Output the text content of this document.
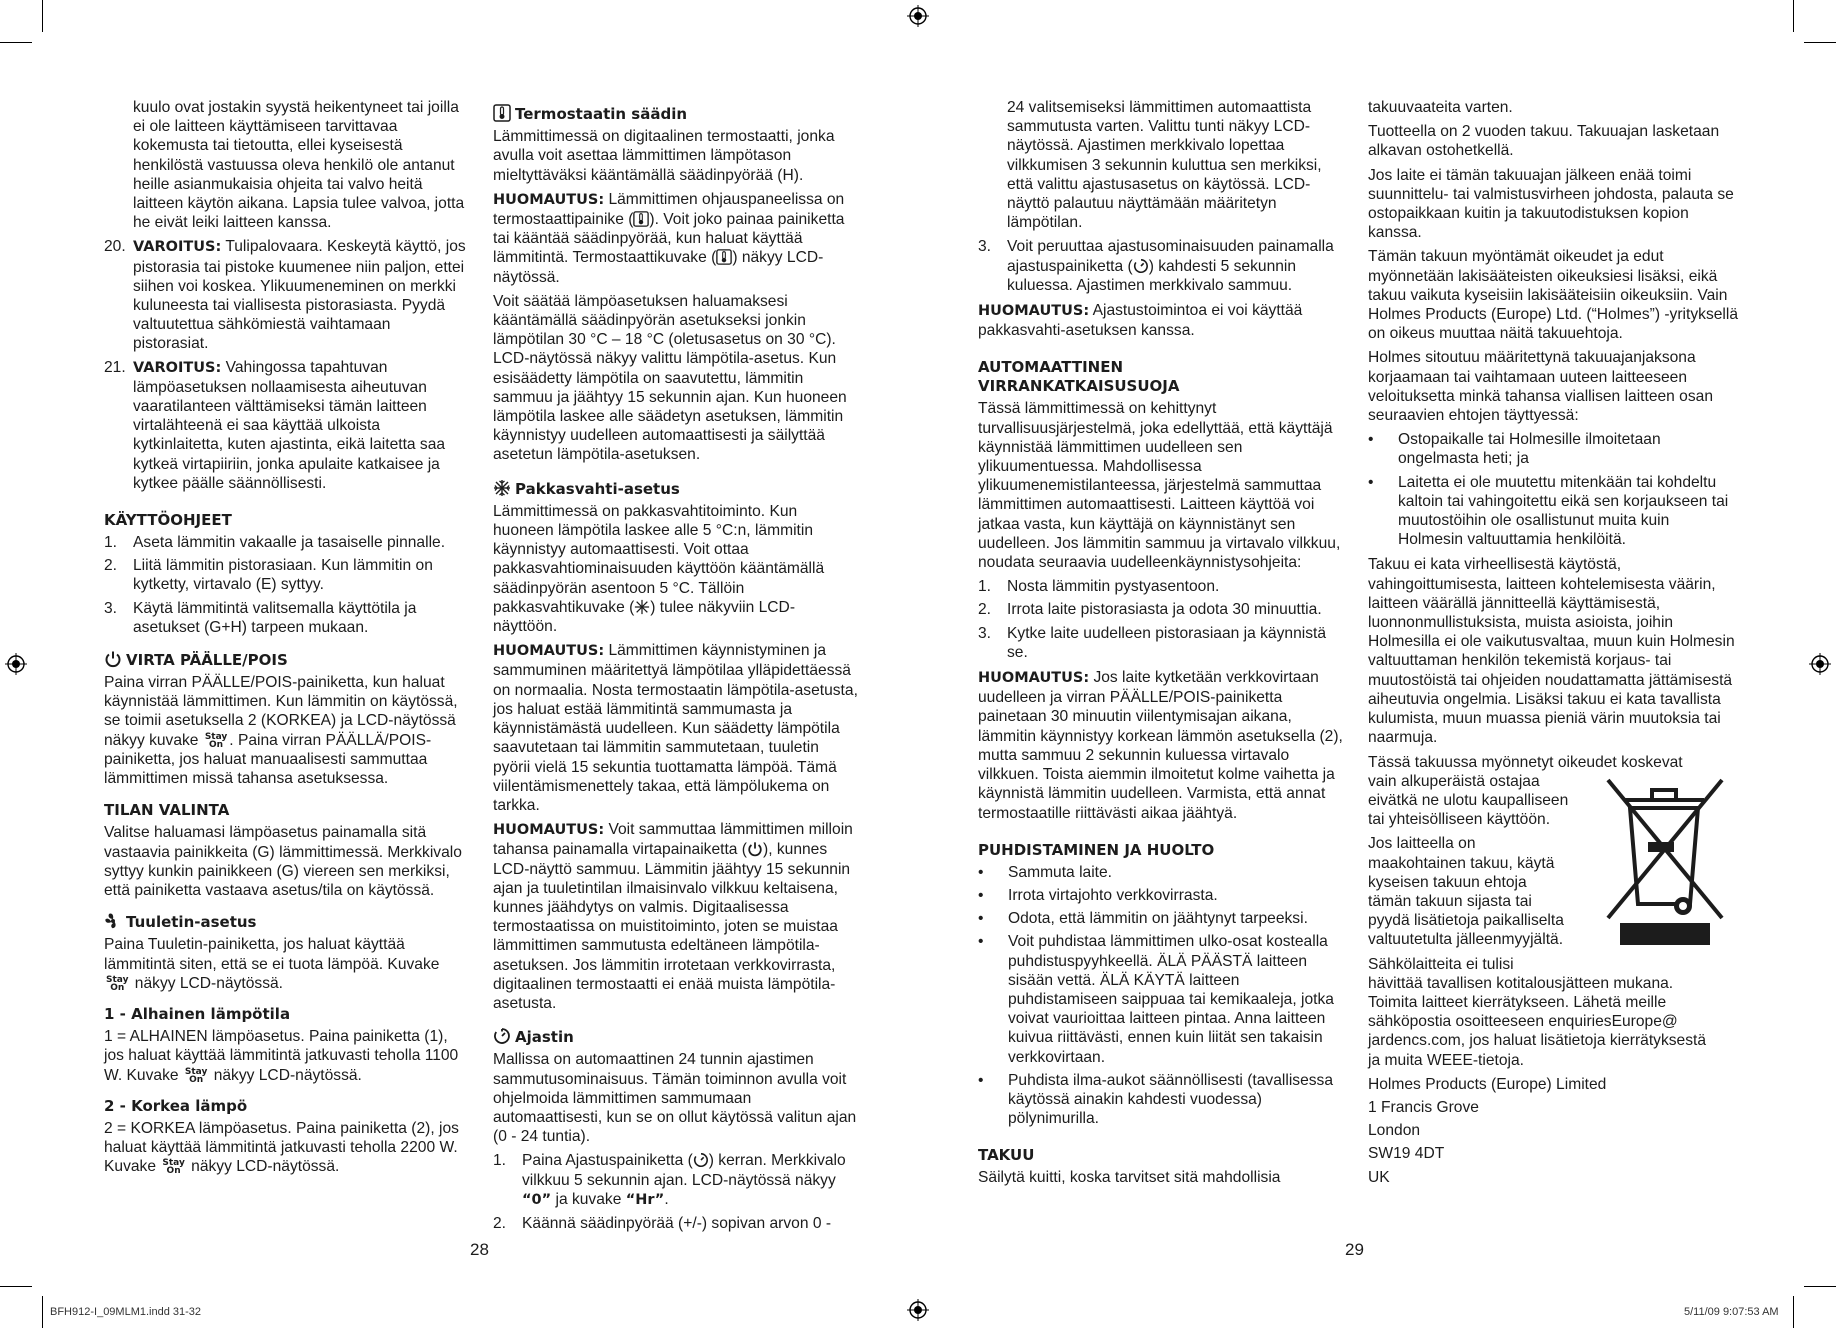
kuulo ovat jostakin syystä heikentyneet tai joilla ei ole laitteen käyttämiseen tarvittavaa kokemusta tai tietoutta, ellei kyseisestä henkilöstä vastuussa oleva henkilö ole antanut heille asianmukaisia ohjeita tai valvo heitä laitteen käytön aikana. Lapsia tulee valvoa, jotta he eivät leiki laitteen kanssa.
20. VAROITUS: Tulipalovaara. Keskeytä käyttö, jos pistorasia tai pistoke kuumenee niin paljon, ettei siihen voi koskea. Ylikuumeneminen on merkki kuluneesta tai viallisesta pistorasiasta. Pyydä valtuutettua sähkömiestä vaihtamaan pistorasiat.
21. VAROITUS: Vahingossa tapahtuvan lämpöasetuksen nollaamisesta aiheutuvan vaaratilanteen välttämiseksi tämän laitteen virtalähteenä ei saa käyttää ulkoista kytkinlaitetta, kuten ajastinta, eikä laitetta saa kytkeä virtapiiriin, jonka apulaite katkaisee ja kytkee päälle säännöllisesti.
KÄYTTÖOHJEET
1.	Aseta lämmitin vakaalle ja tasaiselle pinnalle.
2.	Liitä lämmitin pistorasiaan. Kun lämmitin on kytketty, virtavalo (E) syttyy.
3.	Käytä lämmitintä valitsemalla käyttötila ja asetukset (G+H) tarpeen mukaan.
VIRTA PÄÄLLE/POIS

Paina virran PÄÄLLE/POIS-painiketta, kun haluat käynnistää lämmittimen. Kun lämmitin on käytössä, se toimii asetuksella 2 (KORKEA) ja LCD-näytössä näkyy kuvake Stay
On . Paina virran PÄÄLLÄ/POIS-painiketta, jos haluat manuaalisesti sammuttaa lämmittimen missä tahansa asetuksessa.

TILAN VALINTA

Valitse haluamasi lämpöasetus painamalla sitä vastaavia painikkeita (G) lämmittimessä. Merkkivalo syttyy kunkin painikkeen (G) viereen sen merkiksi, että painiketta vastaava asetus/tila on käytössä.

Tuuletin-asetus

Paina Tuuletin-painiketta, jos haluat käyttää lämmitintä siten, että se ei tuota lämpöä. Kuvake
Stay
On näkyy LCD-näytössä.

1 - Alhainen lämpötila

1 = ALHAINEN lämpöasetus. Paina painiketta (1), jos haluat käyttää lämmitintä jatkuvasti teholla 1100 W. Kuvake Stay
On näkyy LCD-näytössä.

2 - Korkea lämpö

2 = KORKEA lämpöasetus. Paina painiketta (2), jos haluat käyttää lämmitintä jatkuvasti teholla 2200 W. Kuvake Stay
On näkyy LCD-näytössä.

Termostaatin säädin

Lämmittimessä on digitaalinen termostaatti, jonka avulla voit asettaa lämmittimen lämpötason mieltyttäväksi kääntämällä säädinpyörää (H).

HUOMAUTUS: Lämmittimen ohjauspaneelissa on termostaattipainike ( ). Voit joko painaa painiketta tai kääntää säädinpyörää, kun haluat käyttää lämmitintä. Termostaattikuvake ( ) näkyy LCD-näytössä.

Voit säätää lämpöasetuksen haluamaksesi kääntämällä säädinpyörän asetukseksi jonkin lämpötilan 30 °C – 18 °C (oletusasetus on 30 °C). LCD-näytössä näkyy valittu lämpötila-asetus. Kun esisäädetty lämpötila on saavutettu, lämmitin sammuu ja jäähtyy 15 sekunnin ajan. Kun huoneen lämpötila laskee alle säädetyn asetuksen, lämmitin käynnistyy uudelleen automaattisesti ja säilyttää asetetun lämpötila-asetuksen.

Pakkasvahti-asetus

Lämmittimessä on pakkasvahtitoiminto. Kun huoneen lämpötila laskee alle 5 °C:n, lämmitin käynnistyy automaattisesti. Voit ottaa pakkasvahtiominaisuuden käyttöön kääntämällä säädinpyörän asentoon 5 °C. Tällöin pakkasvahtikuvake ( ) tulee näkyviin LCD-näyttöön.

HUOMAUTUS: Lämmittimen käynnistyminen ja sammuminen määritettyä lämpötilaa ylläpidettäessä on normaalia. Nosta termostaatin lämpötila-asetusta, jos haluat estää lämmitintä sammumasta ja käynnistämästä uudelleen. Kun säädetty lämpötila saavutetaan tai lämmitin sammutetaan, tuuletin pyörii vielä 15 sekuntia tuottamatta lämpöä. Tämä viilentämismenettely takaa, että lämpölukema on tarkka.

HUOMAUTUS: Voit sammuttaa lämmittimen milloin tahansa painamalla virtapainaiketta ( ), kunnes LCD-näyttö sammuu. Lämmitin jäähtyy 15 sekunnin ajan ja tuuletintilan ilmaisinvalo vilkkuu keltaisena, kunnes jäähdytys on valmis. Digitaalisessa termostaatissa on muistitoiminto, joten se muistaa lämmittimen sammutusta edeltäneen lämpötila-asetuksen. Jos lämmitin irrotetaan verkkovirrasta, digitaalinen termostaatti ei enää muista lämpötila-asetusta.

Ajastin

Mallissa on automaattinen 24 tunnin ajastimen sammutusominaisuus. Tämän toiminnon avulla voit ohjelmoida lämmittimen sammumaan automaattisesti, kun se on ollut käytössä valitun ajan (0 - 24 tuntia).

1.	Paina Ajastuspainiketta ( ) kerran. Merkkivalo vilkkuu 5 sekunnin ajan. LCD-näytössä näkyy “0” ja kuvake “Hr”.
2.	Käännä säädinpyörää (+/-) sopivan arvon 0 -
24 valitsemiseksi lämmittimen automaattista sammutusta varten. Valittu tunti näkyy LCD-näytössä. Ajastimen merkkivalo lopettaa vilkkumisen 3 sekunnin kuluttua sen merkiksi, että valittu ajastusasetus on käytössä. LCD-näyttö palautuu näyttämään määritetyn lämpötilan.
3.	Voit peruuttaa ajastusominaisuuden painamalla ajastuspainiketta ( ) kahdesti 5 sekunnin kuluessa. Ajastimen merkkivalo sammuu.

HUOMAUTUS: Ajastustoimintoa ei voi käyttää pakkasvahti-asetuksen kanssa.

AUTOMAATTINEN VIRRANKATKAISUSUOJA

Tässä lämmittimessä on kehittynyt turvallisuusjärjestelmä, joka edellyttää, että käyttäjä käynnistää lämmittimen uudelleen sen ylikuumentuessa. Mahdollisessa ylikuumenemistilanteessa, järjestelmä sammuttaa lämmittimen automaattisesti. Laitteen käyttöä voi jatkaa vasta, kun käyttäjä on käynnistänyt sen uudelleen. Jos lämmitin sammuu ja virtavalo vilkkuu, noudata seuraavia uudelleenkäynnistysohjeita:

1.	Nosta lämmitin pystyasentoon.
2.	Irrota laite pistorasiasta ja odota 30 minuuttia.
3.	Kytke laite uudelleen pistorasiaan ja käynnistä se.

HUOMAUTUS: Jos laite kytketään verkkovirtaan uudelleen ja virran PÄÄLLE/POIS-painiketta painetaan 30 minuutin viilentymisajan aikana, lämmitin käynnistyy korkean lämmön asetuksella (2), mutta sammuu 2 sekunnin kuluessa virtavalo vilkkuen. Toista aiemmin ilmoitetut kolme vaihetta ja käynnistä lämmitin uudelleen. Varmista, että annat termostaatille riittävästi aikaa jäähtyä.

PUHDISTAMINEN JA HUOLTO
•	Sammuta laite.
•	Irrota virtajohto verkkovirrasta.
•	Odota, että lämmitin on jäähtynyt tarpeeksi.
•	Voit puhdistaa lämmittimen ulko-osat kostealla puhdistuspyyhkeellä. ÄLÄ PÄÄSTÄ laitteen sisään vettä. ÄLÄ KÄYTÄ laitteen puhdistamiseen saippuaa tai kemikaaleja, jotka voivat vaurioittaa laitteen pintaa. Anna laitteen kuivua riittävästi, ennen kuin liität sen takaisin verkkovirtaan.
•	Puhdista ilma-aukot säännöllisesti (tavallisessa käytössä ainakin kahdesti vuodessa) pölynimurilla.
TAKUU

Säilytä kuitti, koska tarvitset sitä mahdollisia

takuuvaateita varten.

Tuotteella on 2 vuoden takuu. Takuuajan lasketaan alkavan ostohetkellä.

Jos laite ei tämän takuuajan jälkeen enää toimi suunnittelu- tai valmistusvirheen johdosta, palauta se ostopaikkaan kuitin ja takuutodistuksen kopion kanssa.

Tämän takuun myöntämät oikeudet ja edut myönnetään lakisääteisten oikeuksiesi lisäksi, eikä takuu vaikuta kyseisiin lakisääteisiin oikeuksiin. Vain Holmes Products (Europe) Ltd. (“Holmes”) -yrityksellä on oikeus muuttaa näitä takuuehtoja.

Holmes sitoutuu määritettynä takuuajanjaksona korjaamaan tai vaihtamaan uuteen laitteeseen veloituksetta minkä tahansa viallisen laitteen osan seuraavien ehtojen täyttyessä:

•	Ostopaikalle tai Holmesille ilmoitetaan ongelmasta heti; ja
•	Laitetta ei ole muutettu mitenkään tai kohdeltu kaltoin tai vahingoitettu eikä sen korjaukseen tai muutostöihin ole osallistunut muita kuin Holmesin valtuuttamia henkilöitä.

Takuu ei kata virheellisestä käytöstä, vahingoittumisesta, laitteen kohtelemisesta väärin, laitteen väärällä jännitteellä käyttämisestä, luonnonmullistuksista, muista asioista, joihin Holmesilla ei ole vaikutusvaltaa, muun kuin Holmesin valtuuttaman henkilön tekemistä korjaus- tai muutostöistä tai ohjeiden noudattamatta jättämisestä aiheutuvia ongelmia. Lisäksi takuu ei kata tavallista kulumista, muun muassa pieniä värin muutoksia tai naarmuja.

Tässä takuussa myönnetyt oikeudet koskevat
vain alkuperäistä ostajaa
eivätkä ne ulotu kaupalliseen
tai yhteisölliseen käyttöön.
Jos laitteella on
maakohtainen takuu, käytä
kyseisen takuun ehtoja
tämän takuun sijasta tai
pyydä lisätietoja paikalliselta
valtuutetulta jälleenmyyjältä.
Sähkölaitteita ei tulisi
hävittää tavallisen kotitalousjätteen mukana. Toimita laitteet kierrätykseen. Lähetä meille sähköpostia osoitteeseen enquiriesEurope@ jardencs.com, jos haluat lisätietoja kierrätyksestä ja muita WEEE-tietoja.
Holmes Products (Europe) Limited
1 Francis Grove
London
SW19 4DT
UK
28	29
BFH912-I_09MLM1.indd 31-32	5/11/09 9:07:53 AM
